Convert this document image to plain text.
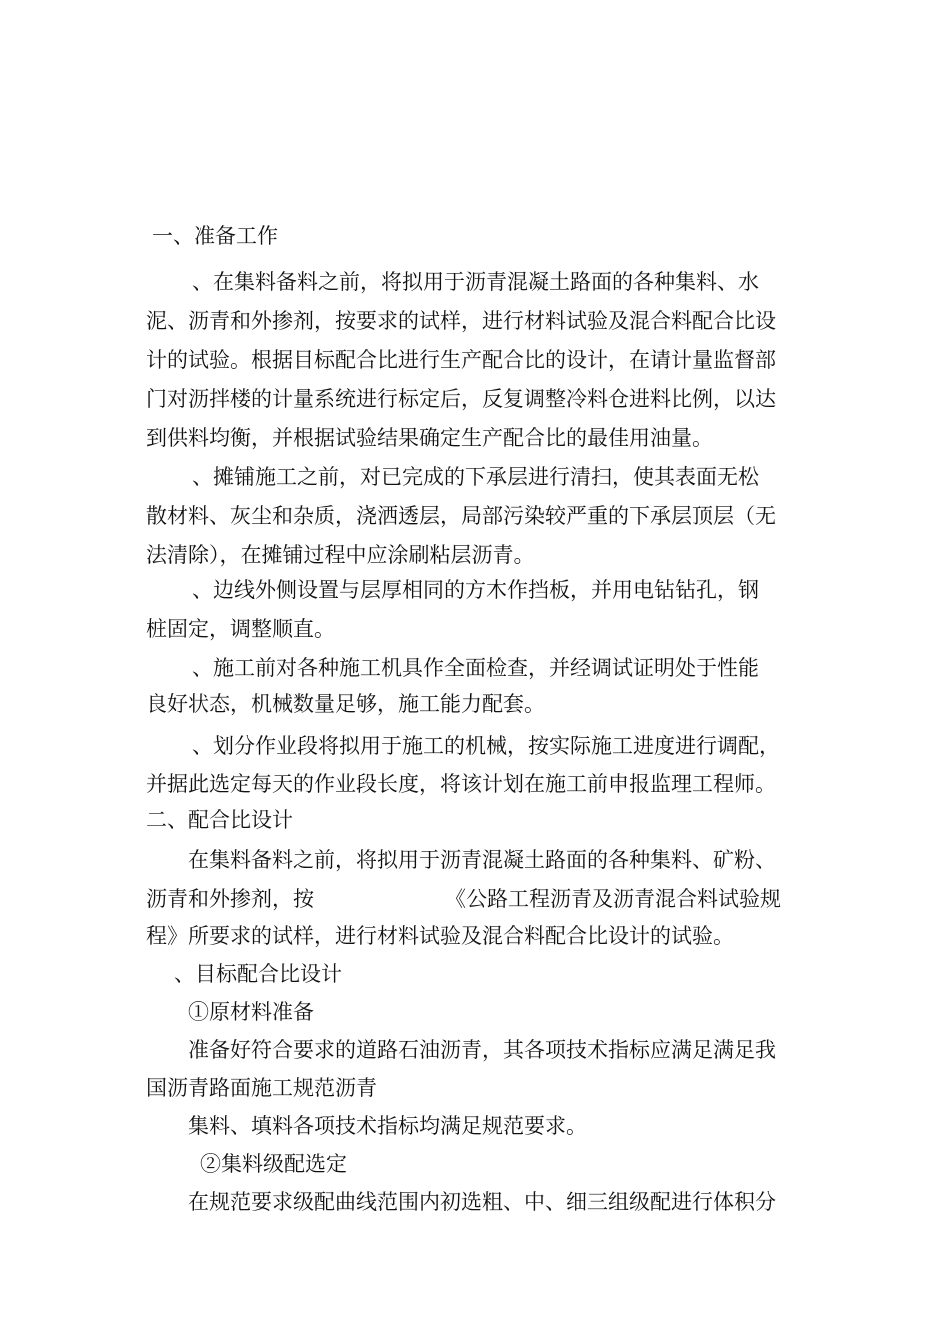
一、准备工作
、在集料备料之前，将拟用于沥青混凝土路面的各种集料、水
泥、沥青和外掺剂，按要求的试样，进行材料试验及混合料配合比设
计的试验。根据目标配合比进行生产配合比的设计，在请计量监督部
门对沥拌楼的计量系统进行标定后，反复调整冷料仓进料比例，以达
到供料均衡，并根据试验结果确定生产配合比的最佳用油量。
、摊铺施工之前，对已完成的下承层进行清扫，使其表面无松
散材料、灰尘和杂质，浇洒透层，局部污染较严重的下承层顶层（无
法清除），在摊铺过程中应涂刷粘层沥青。
、边线外侧设置与层厚相同的方木作挡板，并用电钻钻孔，钢
桩固定，调整顺直。
、施工前对各种施工机具作全面检查，并经调试证明处于性能
良好状态，机械数量足够，施工能力配套。
、划分作业段将拟用于施工的机械，按实际施工进度进行调配，
并据此选定每天的作业段长度，将该计划在施工前申报监理工程师。
二、配合比设计
在集料备料之前，将拟用于沥青混凝土路面的各种集料、矿粉、
沥青和外掺剂，按	《公路工程沥青及沥青混合料试验规
程》所要求的试样，进行材料试验及混合料配合比设计的试验。
、目标配合比设计
①原材料准备
准备好符合要求的道路石油沥青，其各项技术指标应满足满足我
国沥青路面施工规范沥青
集料、填料各项技术指标均满足规范要求。
②集料级配选定
在规范要求级配曲线范围内初选粗、中、细三组级配进行体积分
